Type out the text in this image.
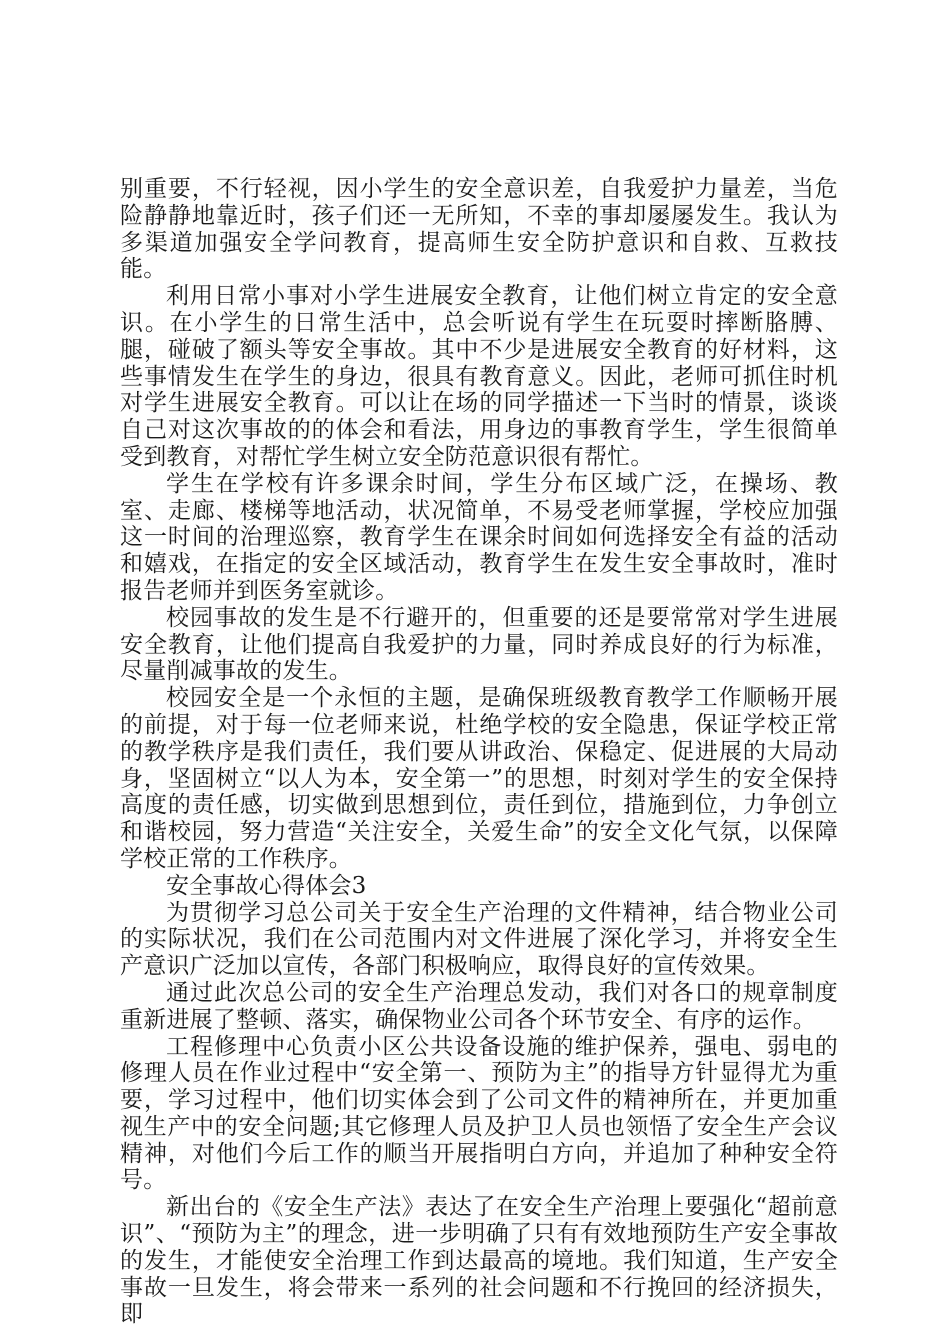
别重要，不行轻视，因小学生的安全意识差，自我爱护力量差，当危险静静地靠近时，孩子们还一无所知，不幸的事却屡屡发生。我认为多渠道加强安全学问教育，提高师生安全防护意识和自救、互救技能。

利用日常小事对小学生进展安全教育，让他们树立肯定的安全意识。在小学生的日常生活中，总会听说有学生在玩耍时摔断胳膊、腿，碰破了额头等安全事故。其中不少是进展安全教育的好材料，这些事情发生在学生的身边，很具有教育意义。因此，老师可抓住时机对学生进展安全教育。可以让在场的同学描述一下当时的情景，谈谈自己对这次事故的的体会和看法，用身边的事教育学生，学生很简单受到教育，对帮忙学生树立安全防范意识很有帮忙。

学生在学校有许多课余时间，学生分布区域广泛，在操场、教室、走廊、楼梯等地活动，状况简单，不易受老师掌握，学校应加强这一时间的治理巡察，教育学生在课余时间如何选择安全有益的活动和嬉戏，在指定的安全区域活动，教育学生在发生安全事故时，准时报告老师并到医务室就诊。

校园事故的发生是不行避开的，但重要的还是要常常对学生进展安全教育，让他们提高自我爱护的力量，同时养成良好的行为标准，尽量削减事故的发生。

校园安全是一个永恒的主题，是确保班级教育教学工作顺畅开展的前提，对于每一位老师来说，杜绝学校的安全隐患，保证学校正常的教学秩序是我们责任，我们要从讲政治、保稳定、促进展的大局动身，坚固树立“以人为本，安全第一”的思想，时刻对学生的安全保持高度的责任感，切实做到思想到位，责任到位，措施到位，力争创立和谐校园，努力营造“关注安全，关爱生命”的安全文化气氛，以保障学校正常的工作秩序。

安全事故心得体会3

为贯彻学习总公司关于安全生产治理的文件精神，结合物业公司的实际状况，我们在公司范围内对文件进展了深化学习，并将安全生产意识广泛加以宣传，各部门积极响应，取得良好的宣传效果。

通过此次总公司的安全生产治理总发动，我们对各口的规章制度重新进展了整顿、落实，确保物业公司各个环节安全、有序的运作。

工程修理中心负责小区公共设备设施的维护保养，强电、弱电的修理人员在作业过程中“安全第一、预防为主”的指导方针显得尤为重要，学习过程中，他们切实体会到了公司文件的精神所在，并更加重视生产中的安全问题;其它修理人员及护卫人员也领悟了安全生产会议精神，对他们今后工作的顺当开展指明白方向，并追加了种种安全符号。

新出台的《安全生产法》表达了在安全生产治理上要强化“超前意识”、“预防为主”的理念，进一步明确了只有有效地预防生产安全事故的发生，才能使安全治理工作到达最高的境地。我们知道，生产安全事故一旦发生，将会带来一系列的社会问题和不行挽回的经济损失，即
